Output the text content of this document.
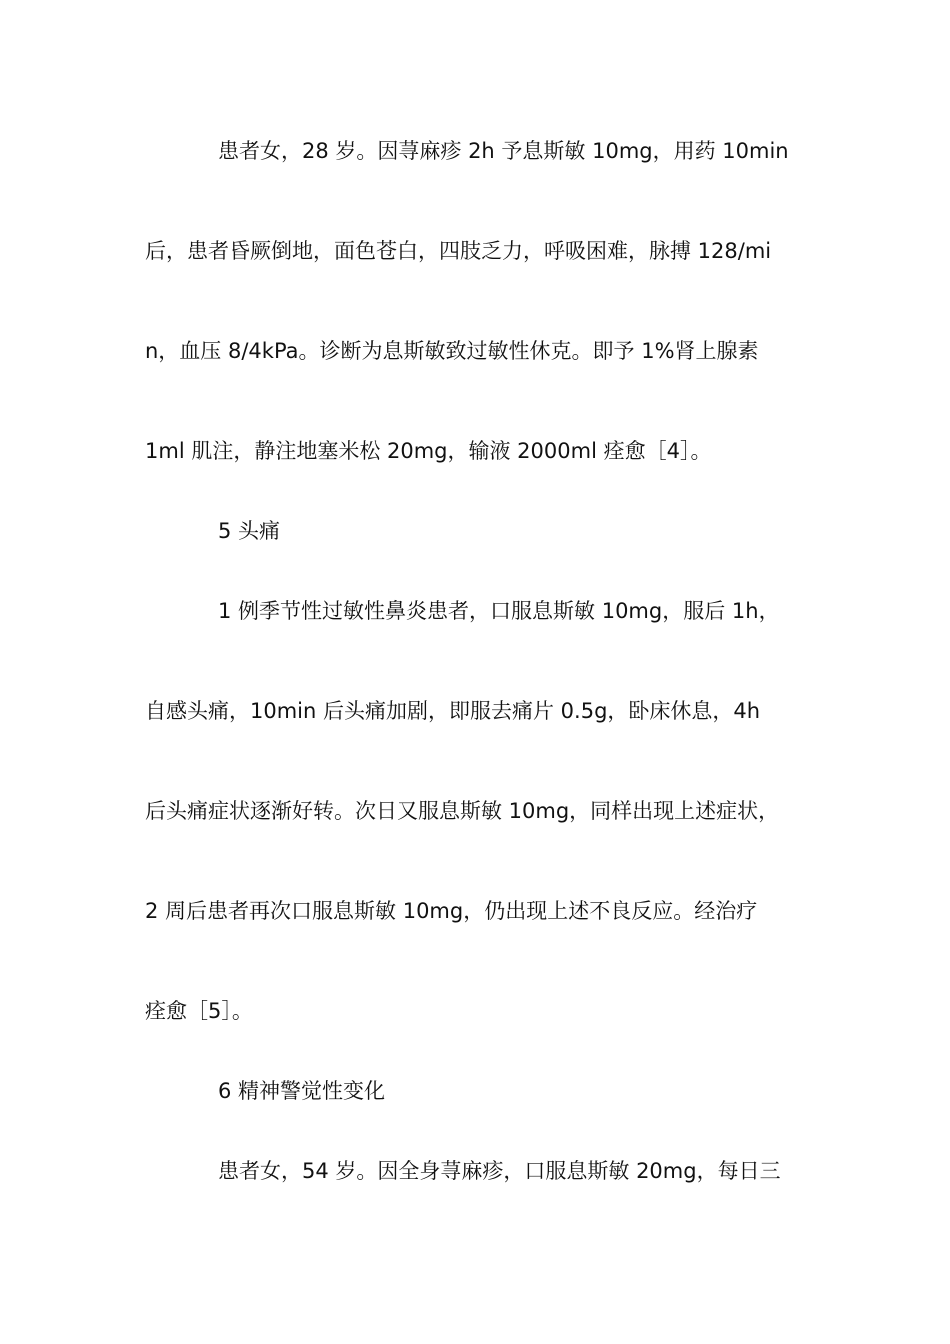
患者女，28 岁。因荨麻疹 2h 予息斯敏 10mg，用药 10min
后，患者昏厥倒地，面色苍白，四肢乏力，呼吸困难，脉搏 128/mi
n，血压 8/4kPa。诊断为息斯敏致过敏性休克。即予 1%肾上腺素
1ml 肌注，静注地塞米松 20mg，输液 2000ml 痊愈［4］。
5 头痛
1 例季节性过敏性鼻炎患者，口服息斯敏 10mg，服后 1h，
自感头痛，10min 后头痛加剧，即服去痛片 0.5g，卧床休息，4h
后头痛症状逐渐好转。次日又服息斯敏 10mg，同样出现上述症状，
2 周后患者再次口服息斯敏 10mg，仍出现上述不良反应。经治疗
痊愈［5］。
6 精神警觉性变化
患者女，54 岁。因全身荨麻疹，口服息斯敏 20mg，每日三
